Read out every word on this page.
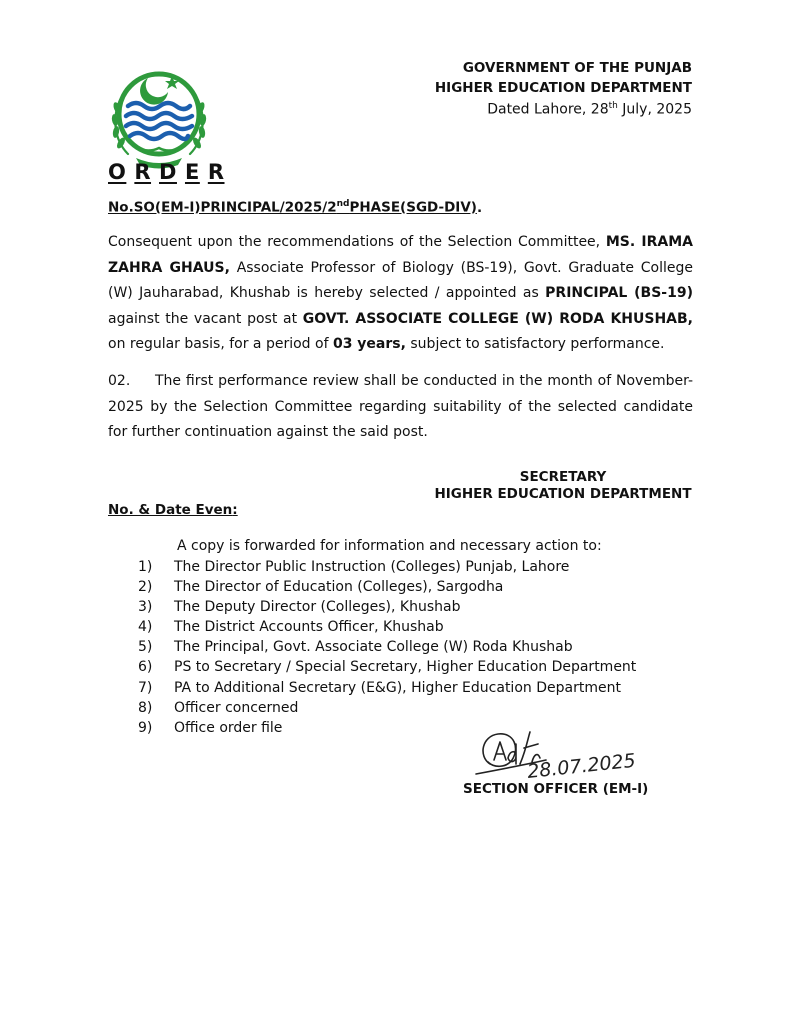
GOVERNMENT OF THE PUNJAB
HIGHER EDUCATION DEPARTMENT
Dated Lahore, 28th July, 2025
O R D E R
No.SO(EM-I)PRINCIPAL/2025/2ndPHASE(SGD-DIV).
Consequent upon the recommendations of the Selection Committee, MS. IRAMA ZAHRA GHAUS, Associate Professor of Biology (BS-19), Govt. Graduate College (W) Jauharabad, Khushab is hereby selected / appointed as PRINCIPAL (BS-19) against the vacant post at GOVT. ASSOCIATE COLLEGE (W) RODA KHUSHAB, on regular basis, for a period of 03 years, subject to satisfactory performance.
02. The first performance review shall be conducted in the month of November-2025 by the Selection Committee regarding suitability of the selected candidate for further continuation against the said post.
SECRETARY
HIGHER EDUCATION DEPARTMENT
No. & Date Even:
A copy is forwarded for information and necessary action to:
1) The Director Public Instruction (Colleges) Punjab, Lahore
2) The Director of Education (Colleges), Sargodha
3) The Deputy Director (Colleges), Khushab
4) The District Accounts Officer, Khushab
5) The Principal, Govt. Associate College (W) Roda Khushab
6) PS to Secretary / Special Secretary, Higher Education Department
7) PA to Additional Secretary (E&G), Higher Education Department
8) Officer concerned
9) Office order file
28.07.2025
SECTION OFFICER (EM-I)
